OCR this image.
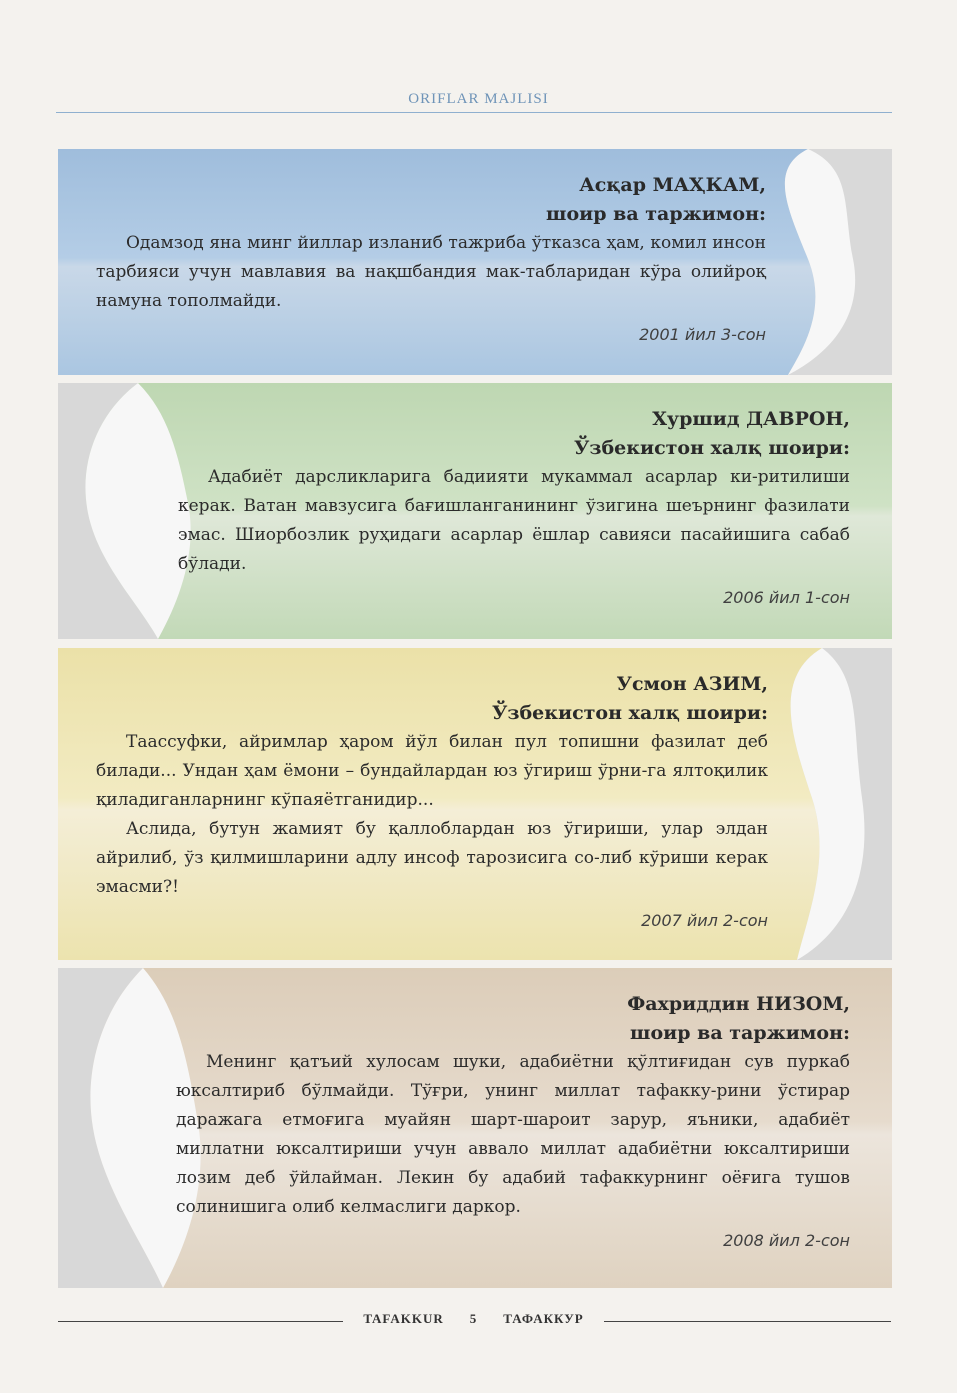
ORIFLAR MAJLISI
Асқар МАҲКАМ,
шоир ва таржимон:

Одамзод яна минг йиллар изланиб тажриба ўтказса ҳам, комил инсон тарбияси учун мавлавия ва нақшбандия мак-табларидан кўра олийроқ намуна тополмайди.

2001 йил 3-сон
Хуршид ДАВРОН,
Ўзбекистон халқ шоири:

Адабиёт дарсликларига бадиияти мукаммал асарлар ки-ритилиши керак. Ватан мавзусига бағишланганининг ўзигина шеърнинг фазилати эмас. Шиорбозлик руҳидаги асарлар ёшлар савияси пасайишига сабаб бўлади.

2006 йил 1-сон
Усмон АЗИМ,
Ўзбекистон халқ шоири:

Таассуфки, айримлар ҳаром йўл билан пул топишни фазилат деб билади... Ундан ҳам ёмони – бундайлардан юз ўгириш ўрни-га ялтоқилик қиладиганларнинг кўпаяётганидир...

Аслида, бутун жамият бу қаллоблардан юз ўгириши, улар элдан айрилиб, ўз қилмишларини адлу инсоф тарозисига со-либ кўриши керак эмасми?!

2007 йил 2-сон
Фахриддин НИЗОМ,
шоир ва таржимон:

Менинг қатъий хулосам шуки, адабиётни қўлтиғидан сув пуркаб юксалтириб бўлмайди. Тўғри, унинг миллат тафакку-рини ўстирар даражага етмоғига муайян шарт-шароит зарур, яъники, адабиёт миллатни юксалтириши учун аввало миллат адабиётни юксалтириши лозим деб ўйлайман. Лекин бу адабий тафаккурнинг оёғига тушов солинишига олиб келмаслиги даркор.

2008 йил 2-сон
TAFAKKUR 5 ТАФАККУР
